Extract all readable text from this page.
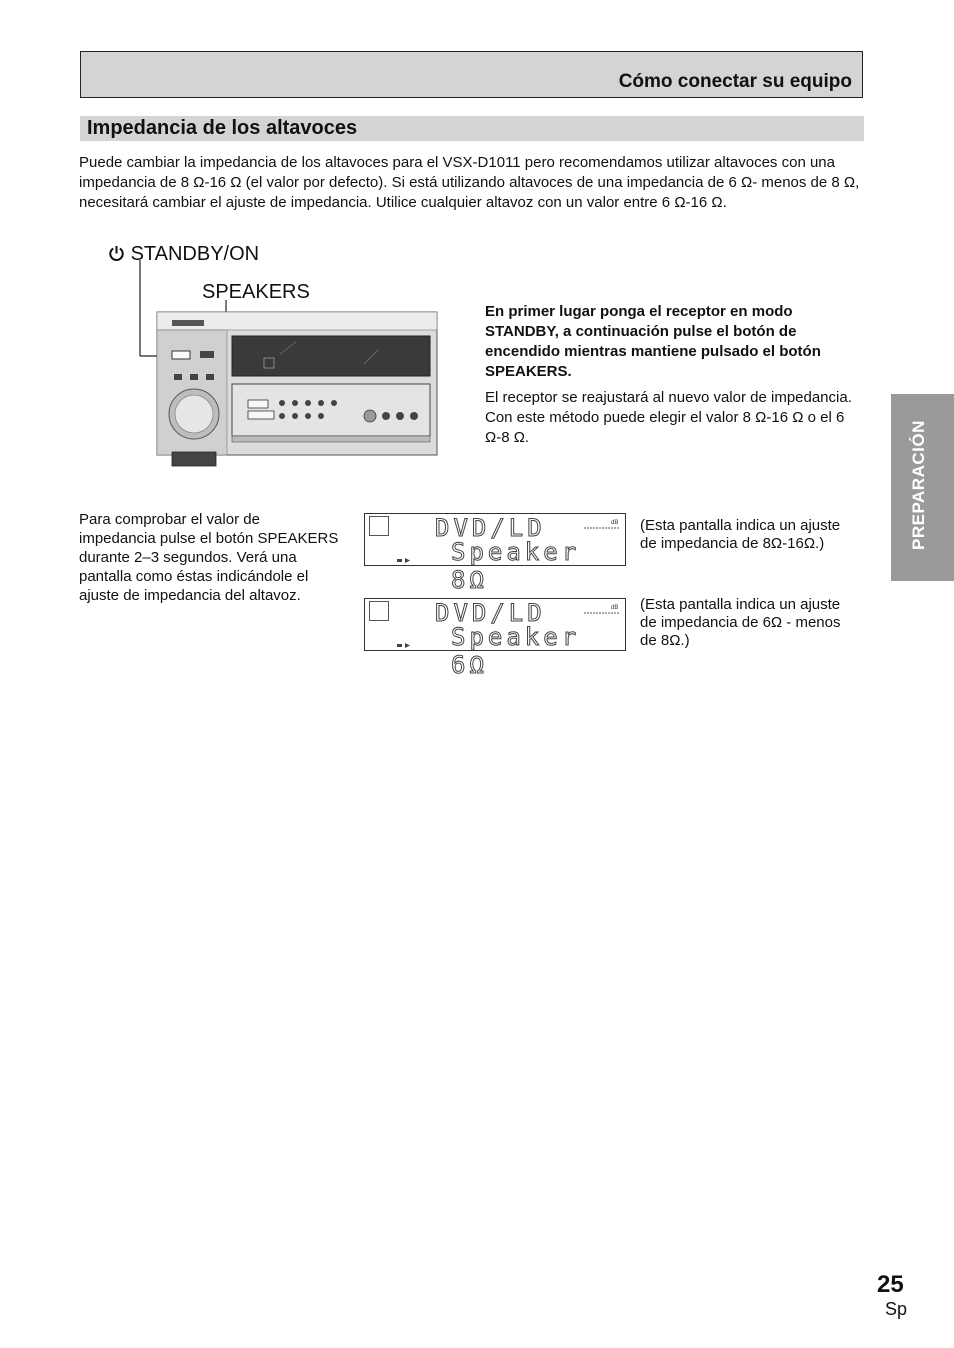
Cómo conectar su equipo
Impedancia de los altavoces
Puede cambiar la impedancia de los altavoces para el VSX-D1011 pero recomendamos utilizar altavoces con una impedancia de 8 Ω-16 Ω (el valor por defecto). Si está utilizando altavoces de una impedancia de 6 Ω- menos de 8 Ω, necesitará cambiar el ajuste de impedancia. Utilice cualquier altavoz con un valor entre 6 Ω-16 Ω.
STANDBY/ON
SPEAKERS
En primer lugar ponga el receptor en modo STANDBY, a continuación pulse el botón de encendido mientras mantiene pulsado el botón SPEAKERS.
El receptor se reajustará al nuevo valor de impedancia. Con este método puede elegir el valor 8 Ω-16 Ω o el 6 Ω-8 Ω.
Para comprobar el valor de impedancia pulse el botón SPEAKERS durante 2–3 segundos. Verá una pantalla como éstas indicándole el ajuste de impedancia del altavoz.
dB
DVD/LD
Speaker 8Ω
(Esta pantalla indica un ajuste de impedancia de 8Ω-16Ω.)
dB
DVD/LD
Speaker 6Ω
(Esta pantalla indica un ajuste de impedancia de 6Ω - menos de 8Ω.)
PREPARACIÓN
25
Sp
